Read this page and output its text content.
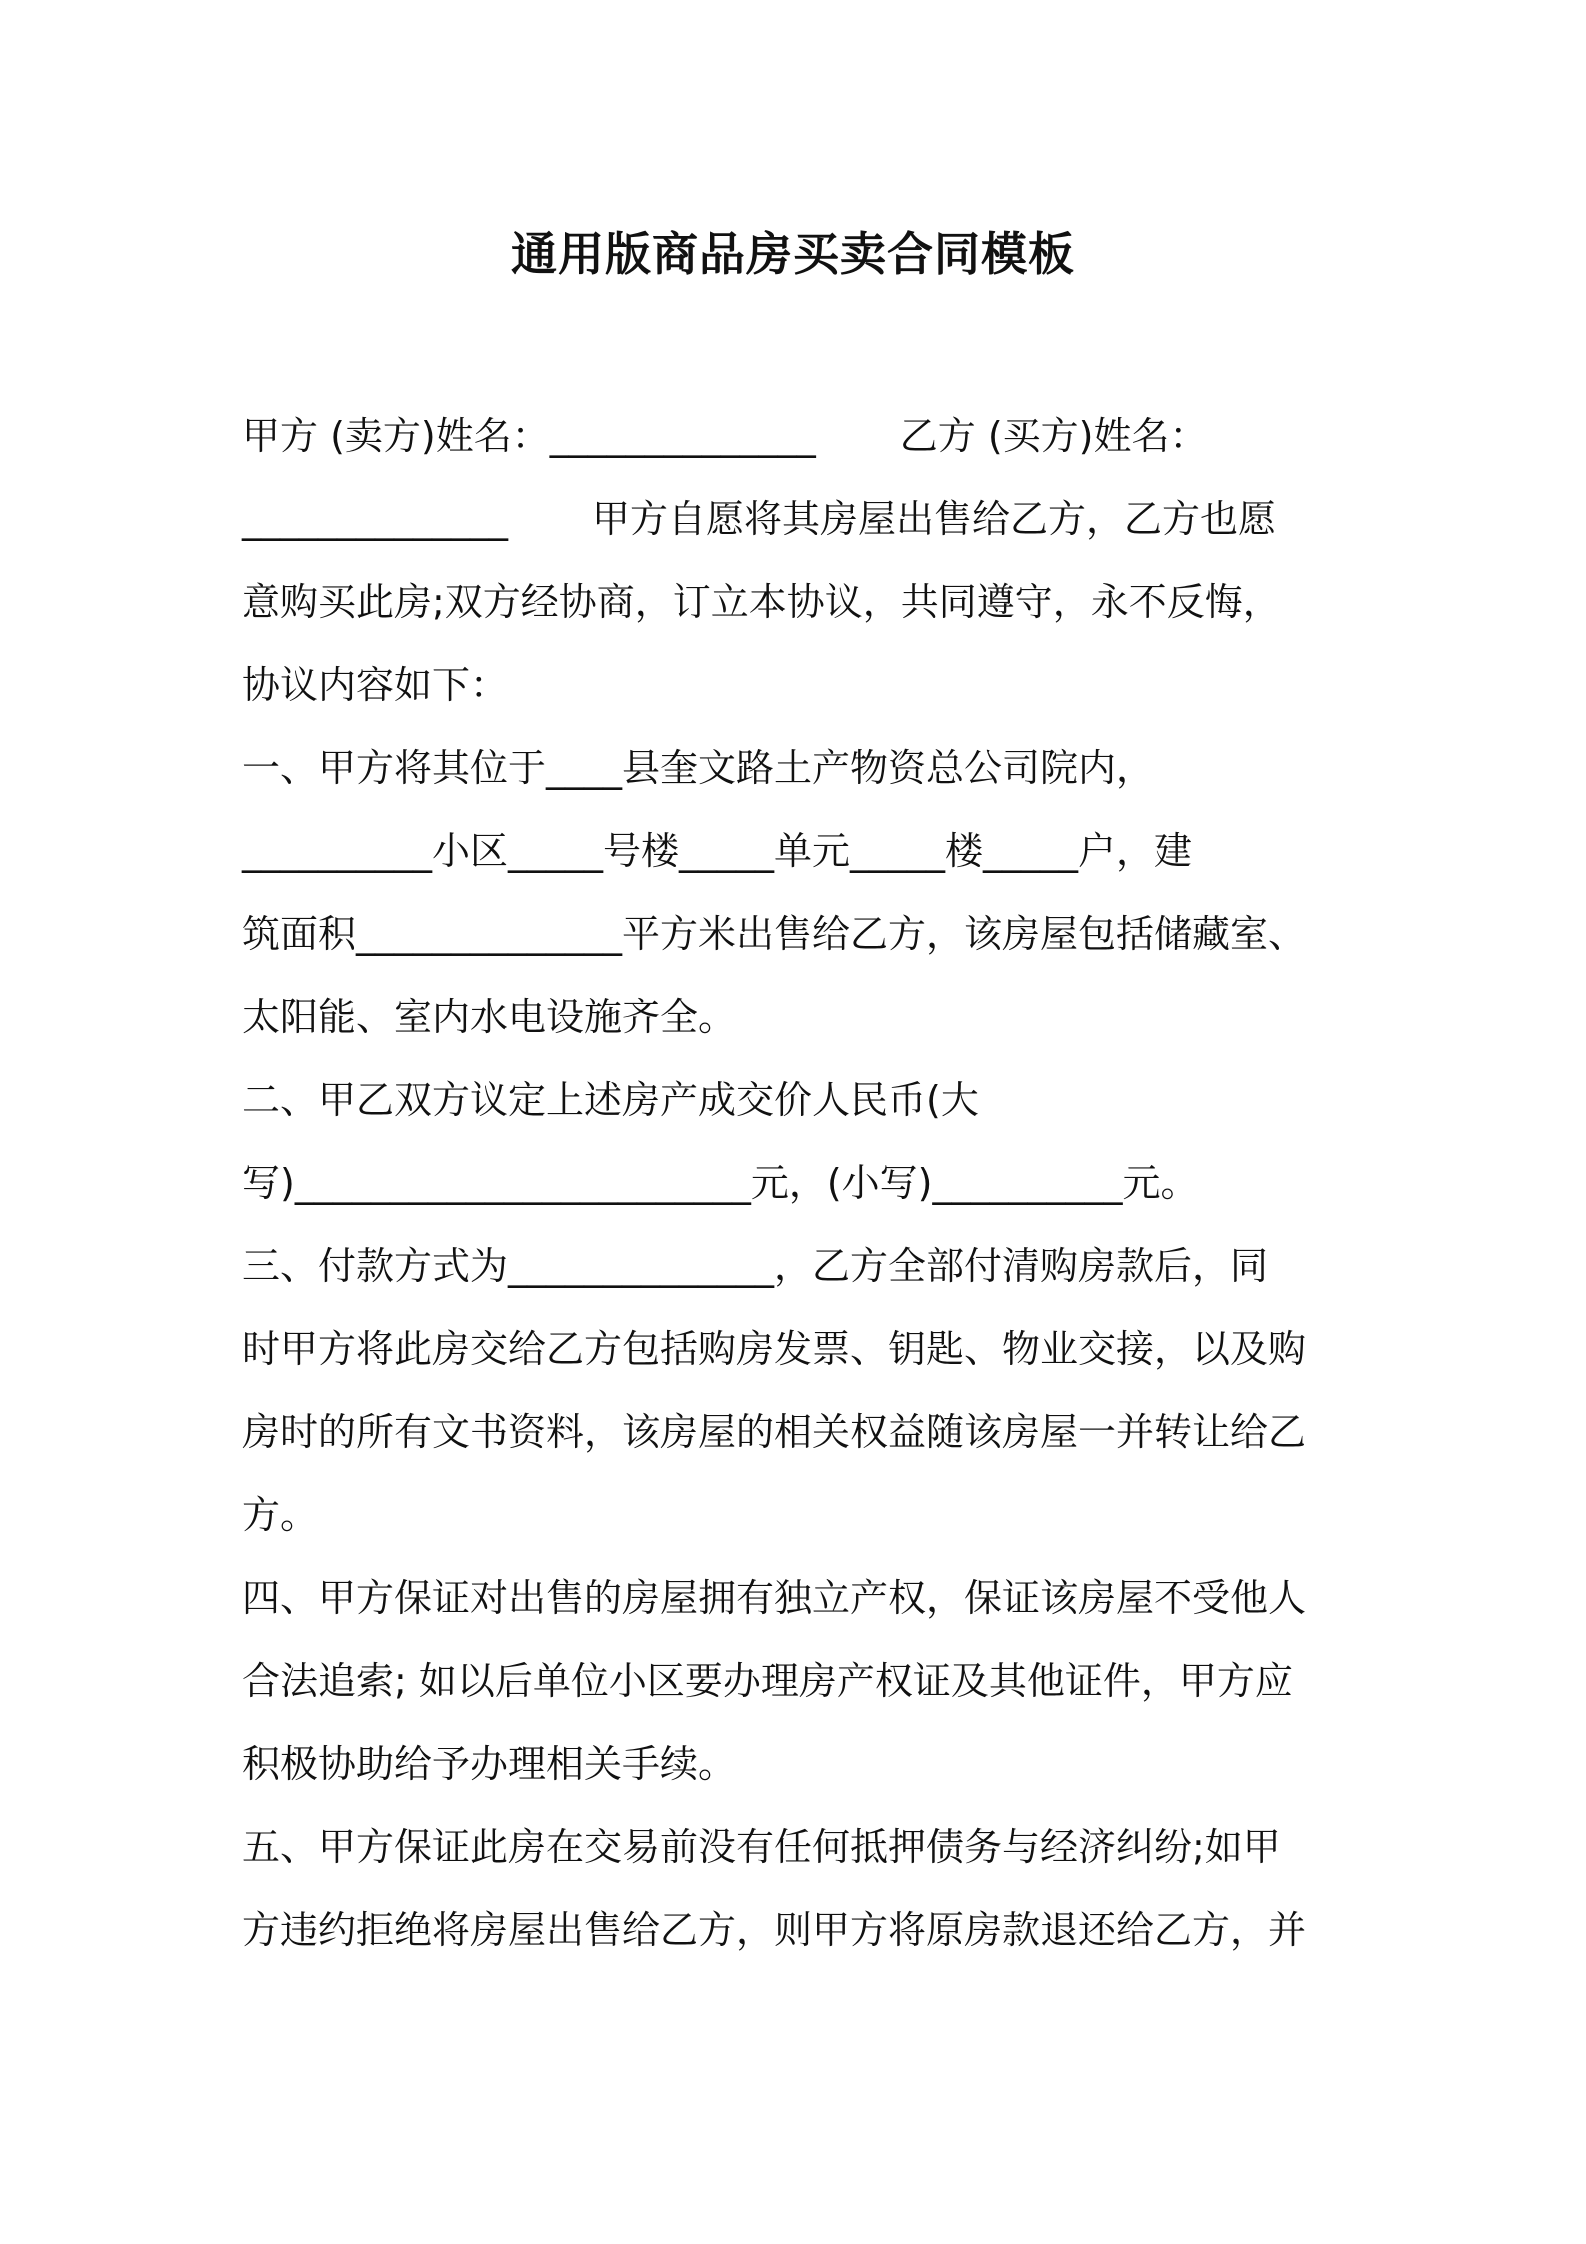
通用版商品房买卖合同模板
甲方 (卖方)姓名：______________ 乙方 (买方)姓名：
______________ 甲方自愿将其房屋出售给乙方，乙方也愿
意购买此房;双方经协商，订立本协议，共同遵守，永不反悔，
协议内容如下：
一、甲方将其位于____县奎文路土产物资总公司院内，
__________小区_____号楼_____单元_____楼_____户，建
筑面积______________平方米出售给乙方，该房屋包括储藏室、
太阳能、室内水电设施齐全。
二、甲乙双方议定上述房产成交价人民币(大
写)________________________元，(小写)__________元。
三、付款方式为______________，乙方全部付清购房款后，同
时甲方将此房交给乙方包括购房发票、钥匙、物业交接，以及购
房时的所有文书资料，该房屋的相关权益随该房屋一并转让给乙
方。
四、甲方保证对出售的房屋拥有独立产权，保证该房屋不受他人
合法追索; 如以后单位小区要办理房产权证及其他证件，甲方应
积极协助给予办理相关手续。
五、甲方保证此房在交易前没有任何抵押债务与经济纠纷;如甲
方违约拒绝将房屋出售给乙方，则甲方将原房款退还给乙方，并
